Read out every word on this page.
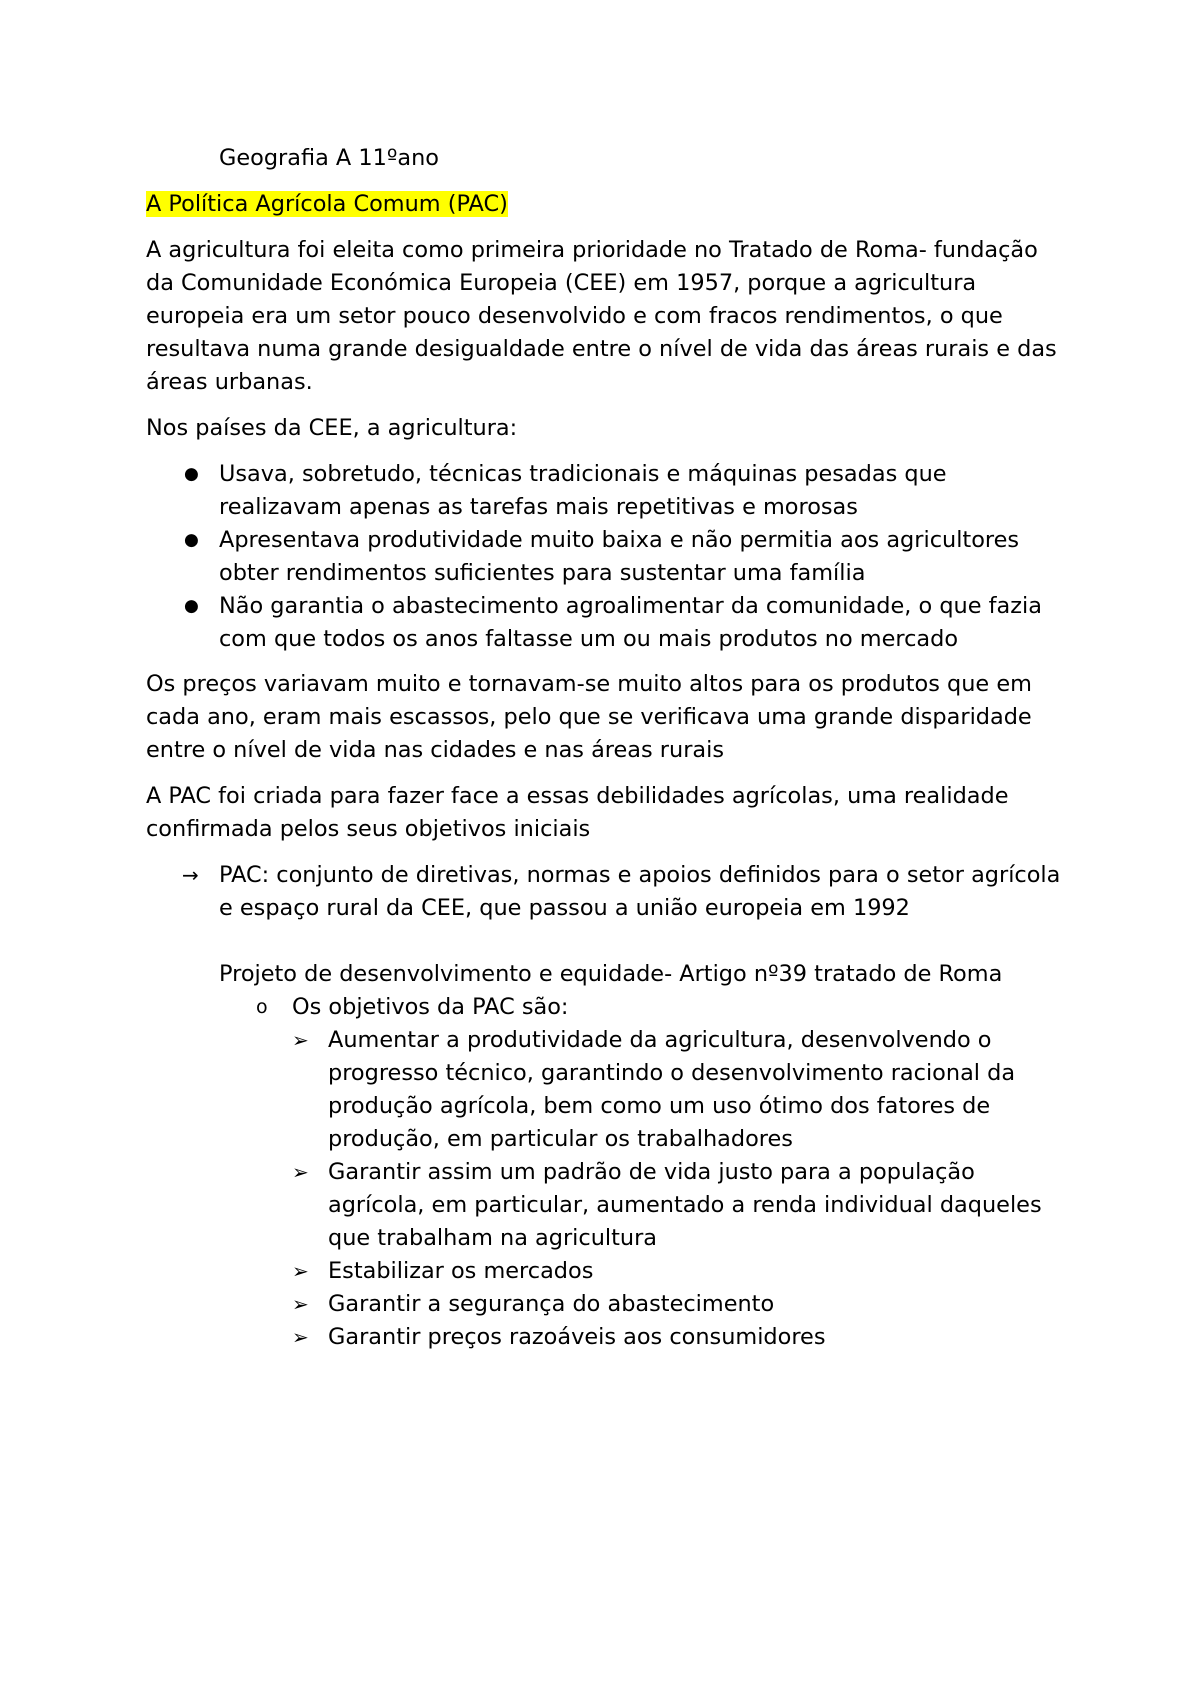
Geografia A 11ºano

A Política Agrícola Comum (PAC)

A agricultura foi eleita como primeira prioridade no Tratado de Roma- fundação da Comunidade Económica Europeia (CEE) em 1957, porque a agricultura europeia era um setor pouco desenvolvido e com fracos rendimentos, o que resultava numa grande desigualdade entre o nível de vida das áreas rurais e das áreas urbanas.

Nos países da CEE, a agricultura:

● Usava, sobretudo, técnicas tradicionais e máquinas pesadas que realizavam apenas as tarefas mais repetitivas e morosas
● Apresentava produtividade muito baixa e não permitia aos agricultores obter rendimentos suficientes para sustentar uma família
● Não garantia o abastecimento agroalimentar da comunidade, o que fazia com que todos os anos faltasse um ou mais produtos no mercado

Os preços variavam muito e tornavam-se muito altos para os produtos que em cada ano, eram mais escassos, pelo que se verificava uma grande disparidade entre o nível de vida nas cidades e nas áreas rurais

A PAC foi criada para fazer face a essas debilidades agrícolas, uma realidade confirmada pelos seus objetivos iniciais

→ PAC: conjunto de diretivas, normas e apoios definidos para o setor agrícola e espaço rural da CEE, que passou a união europeia em 1992

Projeto de desenvolvimento e equidade- Artigo nº39 tratado de Roma

o Os objetivos da PAC são:

➢ Aumentar a produtividade da agricultura, desenvolvendo o progresso técnico, garantindo o desenvolvimento racional da produção agrícola, bem como um uso ótimo dos fatores de produção, em particular os trabalhadores
➢ Garantir assim um padrão de vida justo para a população agrícola, em particular, aumentado a renda individual daqueles que trabalham na agricultura
➢ Estabilizar os mercados
➢ Garantir a segurança do abastecimento
➢ Garantir preços razoáveis aos consumidores
